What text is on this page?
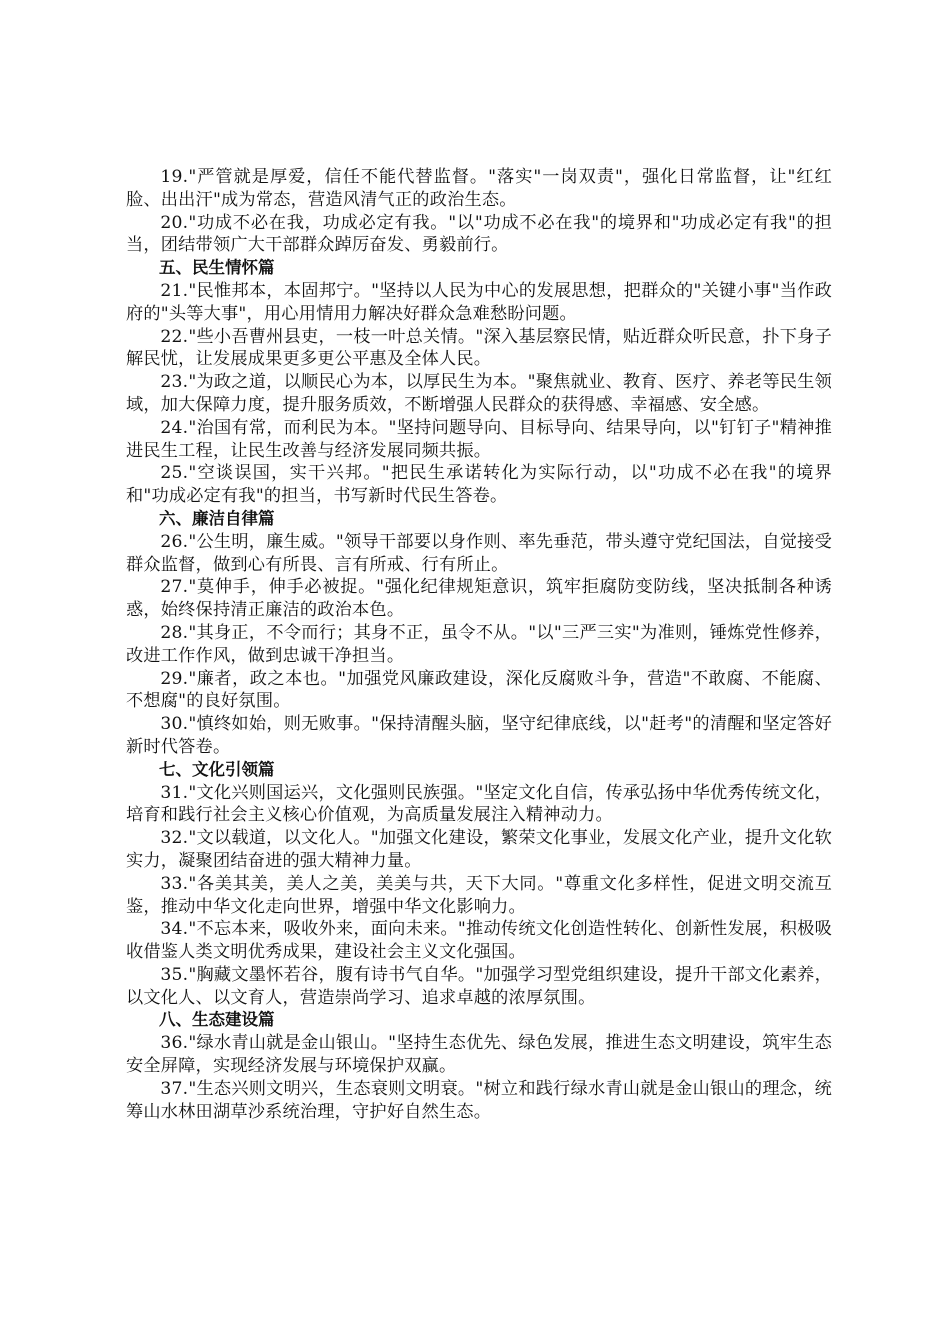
19."严管就是厚爱，信任不能代替监督。"落实"一岗双责"，强化日常监督，让"红红脸、出出汗"成为常态，营造风清气正的政治生态。

20."功成不必在我，功成必定有我。"以"功成不必在我"的境界和"功成必定有我"的担当，团结带领广大干部群众踔厉奋发、勇毅前行。

五、民生情怀篇

21."民惟邦本，本固邦宁。"坚持以人民为中心的发展思想，把群众的"关键小事"当作政府的"头等大事"，用心用情用力解决好群众急难愁盼问题。

22."些小吾曹州县吏，一枝一叶总关情。"深入基层察民情，贴近群众听民意，扑下身子解民忧，让发展成果更多更公平惠及全体人民。

23."为政之道，以顺民心为本，以厚民生为本。"聚焦就业、教育、医疗、养老等民生领域，加大保障力度，提升服务质效，不断增强人民群众的获得感、幸福感、安全感。

24."治国有常，而利民为本。"坚持问题导向、目标导向、结果导向，以"钉钉子"精神推进民生工程，让民生改善与经济发展同频共振。

25."空谈误国，实干兴邦。"把民生承诺转化为实际行动，以"功成不必在我"的境界和"功成必定有我"的担当，书写新时代民生答卷。

六、廉洁自律篇

26."公生明，廉生威。"领导干部要以身作则、率先垂范，带头遵守党纪国法，自觉接受群众监督，做到心有所畏、言有所戒、行有所止。

27."莫伸手，伸手必被捉。"强化纪律规矩意识，筑牢拒腐防变防线，坚决抵制各种诱惑，始终保持清正廉洁的政治本色。

28."其身正，不令而行；其身不正，虽令不从。"以"三严三实"为准则，锤炼党性修养，改进工作作风，做到忠诚干净担当。

29."廉者，政之本也。"加强党风廉政建设，深化反腐败斗争，营造"不敢腐、不能腐、不想腐"的良好氛围。

30."慎终如始，则无败事。"保持清醒头脑，坚守纪律底线，以"赶考"的清醒和坚定答好新时代答卷。

七、文化引领篇

31."文化兴则国运兴，文化强则民族强。"坚定文化自信，传承弘扬中华优秀传统文化，培育和践行社会主义核心价值观，为高质量发展注入精神动力。

32."文以载道，以文化人。"加强文化建设，繁荣文化事业，发展文化产业，提升文化软实力，凝聚团结奋进的强大精神力量。

33."各美其美，美人之美，美美与共，天下大同。"尊重文化多样性，促进文明交流互鉴，推动中华文化走向世界，增强中华文化影响力。

34."不忘本来，吸收外来，面向未来。"推动传统文化创造性转化、创新性发展，积极吸收借鉴人类文明优秀成果，建设社会主义文化强国。

35."胸藏文墨怀若谷，腹有诗书气自华。"加强学习型党组织建设，提升干部文化素养，以文化人、以文育人，营造崇尚学习、追求卓越的浓厚氛围。

八、生态建设篇

36."绿水青山就是金山银山。"坚持生态优先、绿色发展，推进生态文明建设，筑牢生态安全屏障，实现经济发展与环境保护双赢。

37."生态兴则文明兴，生态衰则文明衰。"树立和践行绿水青山就是金山银山的理念，统筹山水林田湖草沙系统治理，守护好自然生态。
